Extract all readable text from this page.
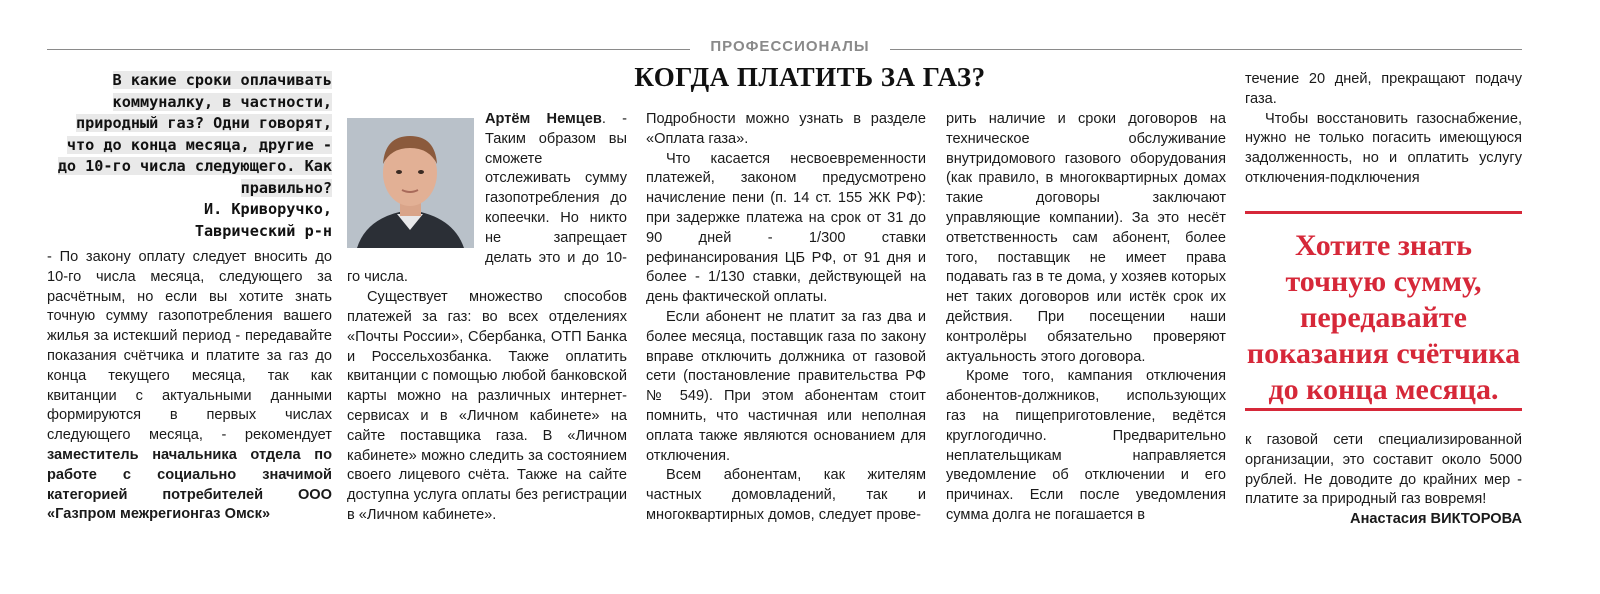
ПРОФЕССИОНАЛЫ
КОГДА ПЛАТИТЬ ЗА ГАЗ?
В какие сроки оплачивать коммуналку, в частности, природный газ? Одни говорят, что до конца месяца, другие - до 10-го числа следующего. Как правильно?
И. Криворучко,
Таврический р-н

- По закону оплату следует вносить до 10-го числа месяца, следующего за расчётным, но если вы хотите знать точную сумму газопотребления вашего жилья за истекший период - передавайте показания счётчика и платите за газ до конца текущего месяца, так как квитанции с актуальными данными формируются в первых числах следующего месяца, - рекомендует заместитель начальника отдела по работе с социально значимой категорией потребителей ООО «Газпром межрегионгаз Омск»

Артём Немцев. - Таким образом вы сможете отслеживать сумму газопотребления до копеечки. Но никто не запрещает делать это и до 10-го числа.

Существует множество способов платежей за газ: во всех отделениях «Почты России», Сбербанка, ОТП Банка и Россельхозбанка. Также оплатить квитанции с помощью любой банковской карты можно на различных интернет-сервисах и в «Личном кабинете» на сайте поставщика газа. В «Личном кабинете» можно следить за состоянием своего лицевого счёта. Также на сайте доступна услуга оплаты без регистрации в «Личном кабинете».

Подробности можно узнать в разделе «Оплата газа».

Что касается несвоевременности платежей, законом предусмотрено начисление пени (п. 14 ст. 155 ЖК РФ): при задержке платежа на срок от 31 до 90 дней - 1/300 ставки рефинансирования ЦБ РФ, от 91 дня и более - 1/130 ставки, действующей на день фактической оплаты.

Если абонент не платит за газ два и более месяца, поставщик газа по закону вправе отключить должника от газовой сети (постановление правительства РФ № 549). При этом абонентам стоит помнить, что частичная или неполная оплата также являются основанием для отключения.

Всем абонентам, как жителям частных домовладений, так и многоквартирных домов, следует прове-

рить наличие и сроки договоров на техническое обслуживание внутридомового газового оборудования (как правило, в многоквартирных домах такие договоры заключают управляющие компании). За это несёт ответственность сам абонент, более того, поставщик не имеет права подавать газ в те дома, у хозяев которых нет таких договоров или истёк срок их действия. При посещении наши контролёры обязательно проверяют актуальность этого договора.

Кроме того, кампания отключения абонентов-должников, использующих газ на пищеприготовление, ведётся круглогодично. Предварительно неплательщикам направляется уведомление об отключении и его причинах. Если после уведомления сумма долга не погашается в

течение 20 дней, прекращают подачу газа.

Чтобы восстановить газоснабжение, нужно не только погасить имеющуюся задолженность, но и оплатить услугу отключения-подключения

Хотите знать точную сумму, передавайте показания счётчика до конца месяца.

к газовой сети специализированной организации, это составит около 5000 рублей. Не доводите до крайних мер - платите за природный газ вовремя!

Анастасия ВИКТОРОВА
